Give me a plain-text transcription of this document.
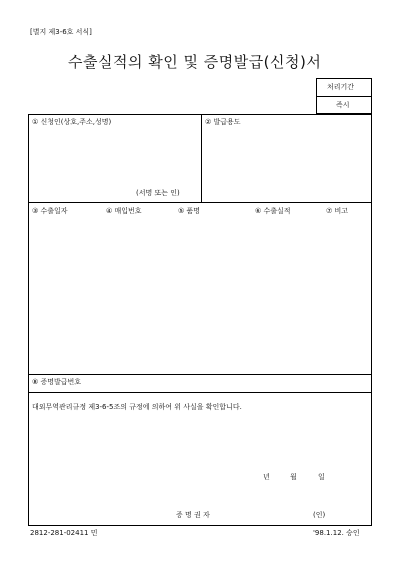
[별지 제3-6호 서식]
수출실적의 확인 및 증명발급(신청)서
처리기간
즉시
① 신청인(상호,주소,성명)
(서명 또는 인)
② 발급용도
③ 수출일자	④ 매입번호	⑤ 품명	⑥ 수출실적	⑦ 비고
⑧ 증명발급번호
대외무역관리규정 제3-6-5조의 규정에 의하여 위 사실을 확인합니다.
년	월	일
증 명 권 자	(인)
2812-281-02411 민	'98.1.12. 승인
